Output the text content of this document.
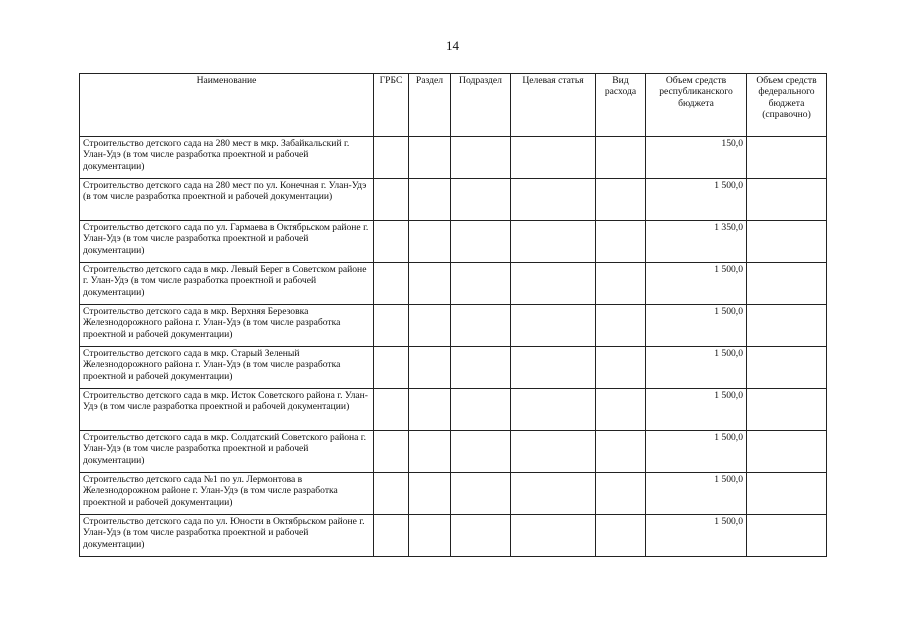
14
Наименование	ГРБС	Раздел	Подраздел	Целевая статья	Вид расхода	Объем средств республиканского бюджета	Объем средств федерального бюджета (справочно)
Строительство детского сада на 280 мест в мкр. Забайкальский г. Улан-Удэ (в том числе разработка проектной и рабочей документации)						150,0	
Строительство детского сада на 280 мест по ул. Конечная г. Улан-Удэ (в том числе разработка проектной и рабочей документации)						1 500,0	
Строительство детского сада по ул. Гармаева в Октябрьском районе г. Улан-Удэ (в том числе разработка проектной и рабочей документации)						1 350,0	
Строительство детского сада в мкр. Левый Берег в Советском районе г. Улан-Удэ (в том числе разработка проектной и рабочей документации)						1 500,0	
Строительство детского сада в мкр. Верхняя Березовка Железнодорожного района г. Улан-Удэ (в том числе разработка проектной и рабочей документации)						1 500,0	
Строительство детского сада в мкр. Старый Зеленый Железнодорожного района г. Улан-Удэ (в том числе разработка проектной и рабочей документации)						1 500,0	
Строительство детского сада в мкр. Исток Советского района г. Улан-Удэ (в том числе разработка проектной и рабочей документации)						1 500,0	
Строительство детского сада в мкр. Солдатский Советского района г. Улан-Удэ (в том числе разработка проектной и рабочей документации)						1 500,0	
Строительство детского сада №1 по ул. Лермонтова в Железнодорожном районе г. Улан-Удэ (в том числе разработка проектной и рабочей документации)						1 500,0	
Строительство детского сада по ул. Юности в Октябрьском районе г. Улан-Удэ (в том числе разработка проектной и рабочей документации)						1 500,0	
